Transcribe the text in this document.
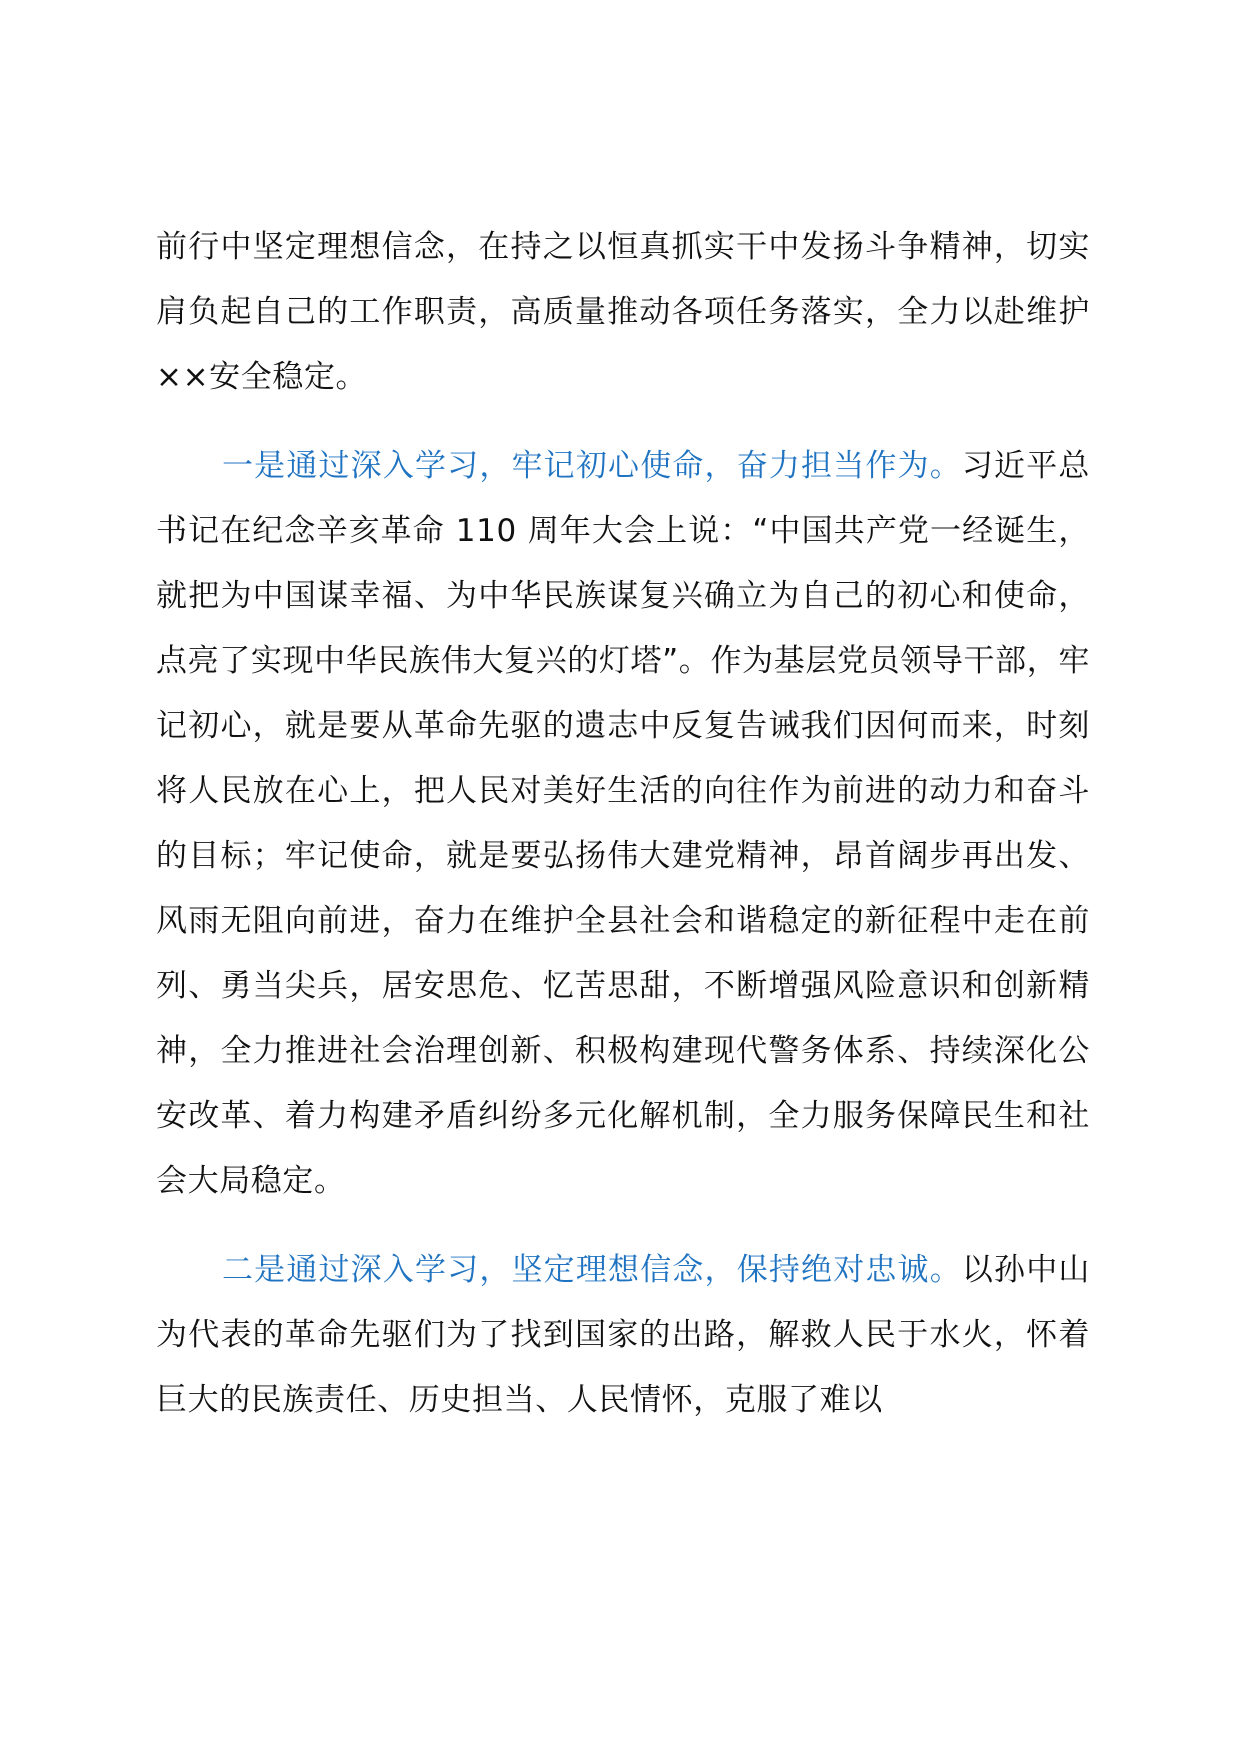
前行中坚定理想信念，在持之以恒真抓实干中发扬斗争精神，切实肩负起自己的工作职责，高质量推动各项任务落实，全力以赴维护××安全稳定。

一是通过深入学习，牢记初心使命，奋力担当作为。习近平总书记在纪念辛亥革命 110 周年大会上说：“中国共产党一经诞生，就把为中国谋幸福、为中华民族谋复兴确立为自己的初心和使命，点亮了实现中华民族伟大复兴的灯塔”。作为基层党员领导干部，牢记初心，就是要从革命先驱的遗志中反复告诫我们因何而来，时刻将人民放在心上，把人民对美好生活的向往作为前进的动力和奋斗的目标；牢记使命，就是要弘扬伟大建党精神，昂首阔步再出发、风雨无阻向前进，奋力在维护全县社会和谐稳定的新征程中走在前列、勇当尖兵，居安思危、忆苦思甜，不断增强风险意识和创新精神，全力推进社会治理创新、积极构建现代警务体系、持续深化公安改革、着力构建矛盾纠纷多元化解机制，全力服务保障民生和社会大局稳定。

二是通过深入学习，坚定理想信念，保持绝对忠诚。以孙中山为代表的革命先驱们为了找到国家的出路，解救人民于水火，怀着巨大的民族责任、历史担当、人民情怀，克服了难以
